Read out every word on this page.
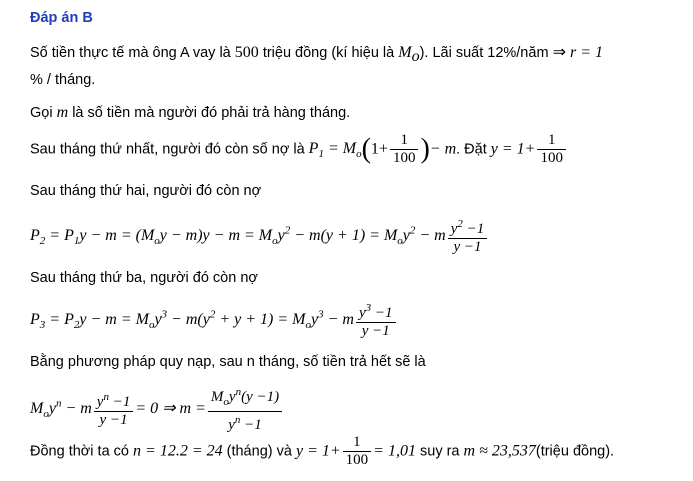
Đáp án B
Số tiền thực tế mà ông A vay là 500 triệu đồng (kí hiệu là $M_o$). Lãi suất 12%/năm ⇒ r = 1
% / tháng.
Gọi m là số tiền mà người đó phải trả hàng tháng.
Sau tháng thứ nhất, người đó còn số nợ là $P_1 = M_o(1+ \frac{1}{100}$ )− m. Đặt $y = 1+ \frac{1}{100}$
Sau tháng thứ hai, người đó còn nợ
$P_2 = P_1y - m = (M_oy - m)y - m = M_oy^2 - m(y + 1) = M_oy^2 - m \frac{y^2 -1}{y -1}$
Sau tháng thứ ba, người đó còn nợ
$P_3 = P_2y - m = M_oy^3 - m(y^2 + y + 1) = M_oy^3 - m \frac{y^3 -1}{y -1}$
Bằng phương pháp quy nạp, sau n tháng, số tiền trả hết sẽ là
$M_oy^n - m \frac{y^n -1}{y -1} = 0$ ⇒ $m = \frac{M_oy^n(y -1)}{y^n -1}$
Đồng thời ta có n = 12.2 = 24 (tháng) và $y = 1+ \frac{1}{100} = 1,01$ suy ra m ≈ 23,537(triệu đồng).
